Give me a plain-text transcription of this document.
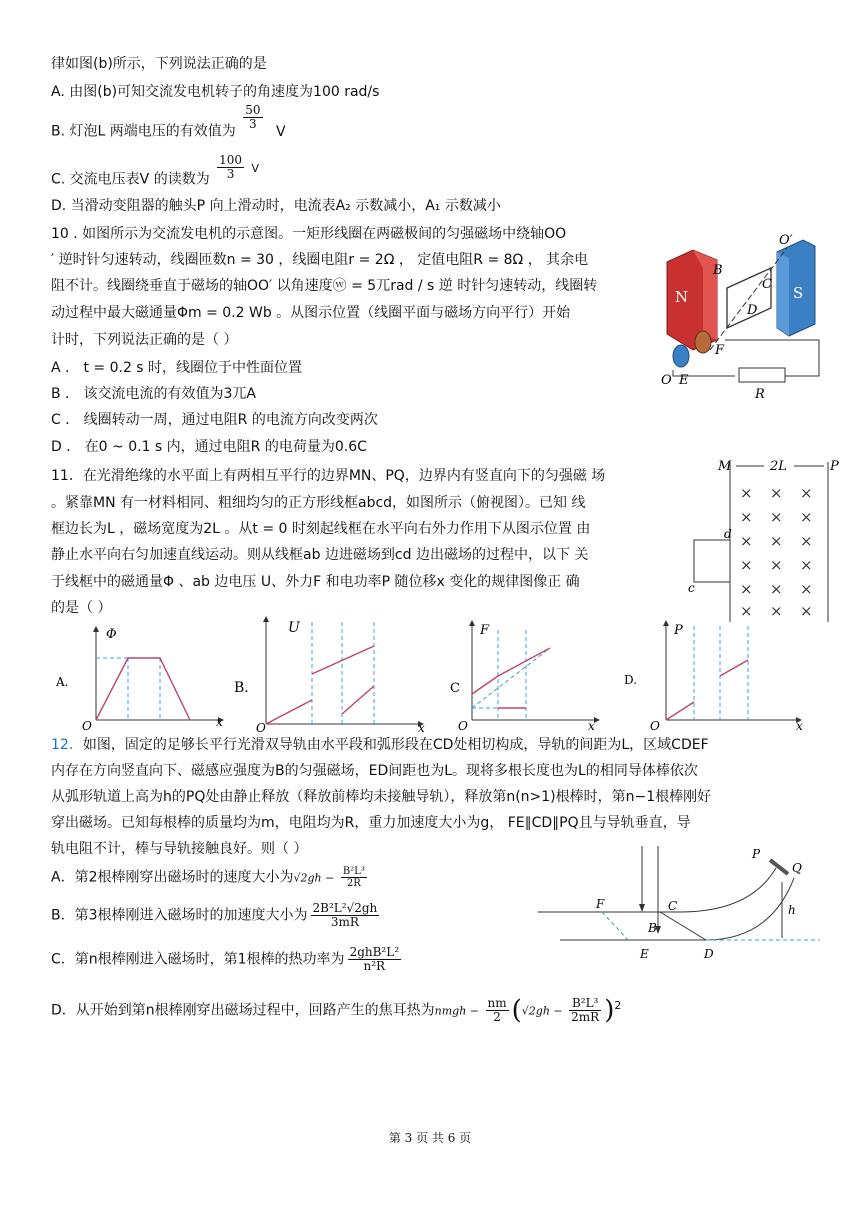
律如图(b)所示，下列说法正确的是
A. 由图(b)可知交流发电机转子的角速度为100 rad/s
B. 灯泡L 两端电压的有效值为
$\frac{50}{3}$
V
C. 交流电压表V 的读数为 $\frac{100}{3} ^V$
D. 当滑动变阻器的触头P 向上滑动时，电流表A₂ 示数减小，A₁ 示数减小
10 . 如图所示为交流发电机的示意图。一矩形线圈在两磁极间的匀强磁场中绕轴OO
′ 逆时针匀速转动，线圈匝数n = 30 ，线圈电阻r = 2Ω ， 定值电阻R = 8Ω ， 其余电
阻不计。线圈绕垂直于磁场的轴OO′ 以角速度ⓦ = 5兀rad / s 逆 时针匀速转动，线圈转
动过程中最大磁通量Φm = 0.2 Wb 。从图示位置（线圈平面与磁场方向平行）开始
计时，下列说法正确的是（ ）
A ． t = 0.2 s 时，线圈位于中性面位置
B ． 该交流电流的有效值为3兀A
C ． 线圈转动一周，通过电阻R 的电流方向改变两次
D ． 在0 ~ 0.1 s 内，通过电阻R 的电荷量为0.6C
N	S
O′
B
C
D
F
O E
R
11．在光滑绝缘的水平面上有两相互平行的边界MN、PQ，边界内有竖直向下的匀强磁 场
。紧靠MN 有一材料相同、粗细均匀的正方形线框abcd，如图所示（俯视图）。已知 线
框边长为L ，磁场宽度为2L 。从t = 0 时刻起线框在水平向右外力作用下从图示位置 由
静止水平向右匀加速直线运动。则从线框ab 边进磁场到cd 边出磁场的过程中，以下 关
于线框中的磁通量Φ 、ab 边电压 U、外力F 和电功率P 随位移x 变化的规律图像正 确
的是（ ）
M	P
2L
× × ×
× × ×
× × ×
× × ×
× × ×
× × ×
d
c
A.
Φ
x
O
B．
U
x
O
C
F
x
O
D.
P
x
O
12．如图，固定的足够长平行光滑双导轨由水平段和弧形段在CD处相切构成，导轨的间距为L，区域CDEF
内存在方向竖直向下、磁感应强度为B的匀强磁场，ED间距也为L。现将多根长度也为L的相同导体棒依次
从弧形轨道上高为h的PQ处由静止释放（释放前棒均未接触导轨），释放第n(n>1)根棒时，第n−1根棒刚好
穿出磁场。已知每根棒的质量均为m，电阻均为R，重力加速度大小为g， FE∥CD∥PQ且与导轨垂直，导
轨电阻不计，棒与导轨接触良好。则（ ）
A．第2根棒刚穿出磁场时的速度大小为$√2gh - \frac{\text{B²L³}}{2R}$
B．第3根棒刚进入磁场时的加速度大小为 $\frac{\text{2B²L²√2gh}}{3mR}$
C．第n根棒刚进入磁场时，第1根棒的热功率为 $\frac{\text{2ghB²L²}}{\text{n²R}}$
D．从开始到第n根棒刚穿出磁场过程中，回路产生的焦耳热为nmgh − $\frac{nm}{2} (√2gh - \frac{\text{B²L³}}{2mR} )^2$
P
Q
F	C
B
h
E	D
第 3 页 共 6 页
